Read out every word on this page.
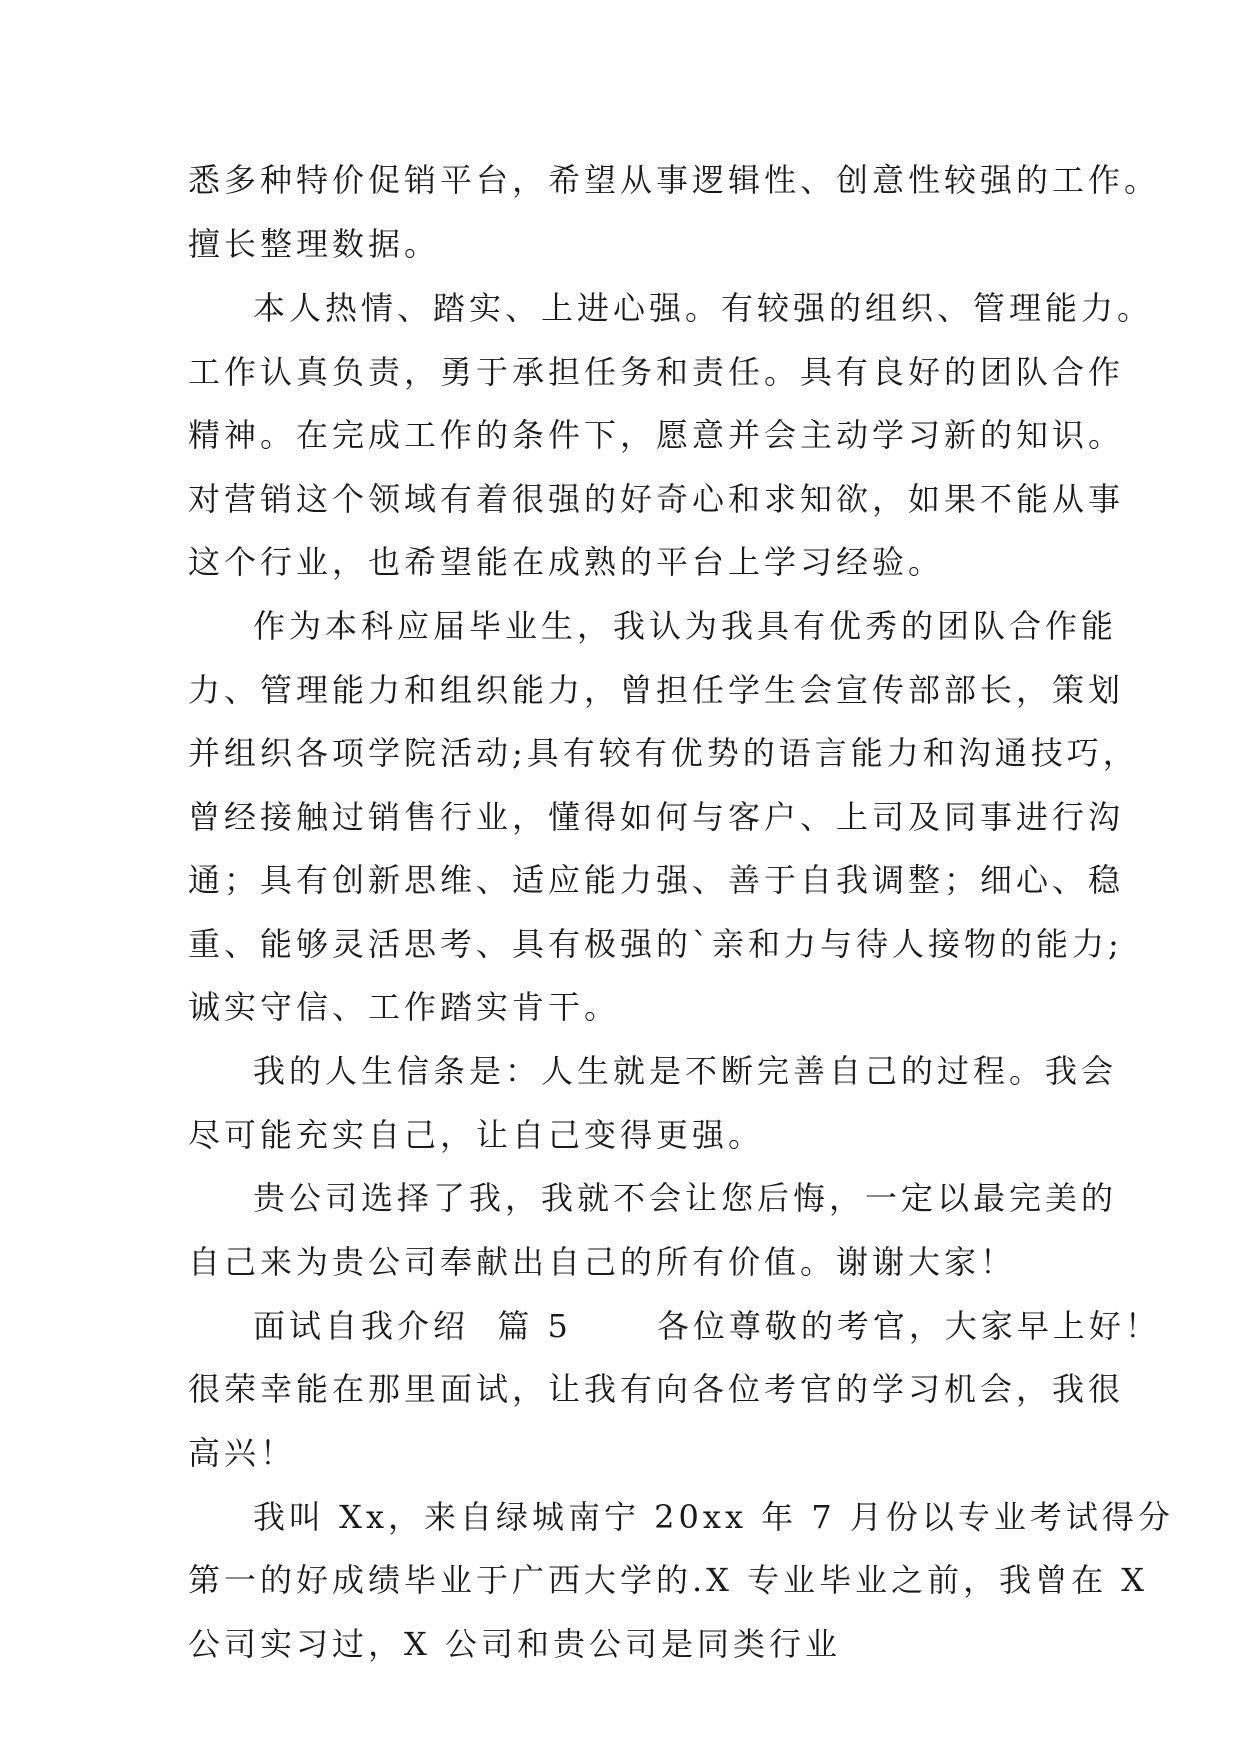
悉多种特价促销平台，希望从事逻辑性、创意性较强的工作。
擅长整理数据。
本人热情、踏实、上进心强。有较强的组织、管理能力。
工作认真负责，勇于承担任务和责任。具有良好的团队合作
精神。在完成工作的条件下，愿意并会主动学习新的知识。
对营销这个领域有着很强的好奇心和求知欲，如果不能从事
这个行业，也希望能在成熟的平台上学习经验。
作为本科应届毕业生，我认为我具有优秀的团队合作能
力、管理能力和组织能力，曾担任学生会宣传部部长，策划
并组织各项学院活动;具有较有优势的语言能力和沟通技巧，
曾经接触过销售行业，懂得如何与客户、上司及同事进行沟
通；具有创新思维、适应能力强、善于自我调整；细心、稳
重、能够灵活思考、具有极强的`亲和力与待人接物的能力;
诚实守信、工作踏实肯干。
我的人生信条是：人生就是不断完善自己的过程。我会
尽可能充实自己，让自己变得更强。
贵公司选择了我，我就不会让您后悔，一定以最完美的
自己来为贵公司奉献出自己的所有价值。谢谢大家！
面试自我介绍  篇 5      各位尊敬的考官，大家早上好！
很荣幸能在那里面试，让我有向各位考官的学习机会，我很
高兴！
我叫 Xx，来自绿城南宁 20xx 年 7 月份以专业考试得分
第一的好成绩毕业于广西大学的.X 专业毕业之前，我曾在 X
公司实习过，X 公司和贵公司是同类行业
